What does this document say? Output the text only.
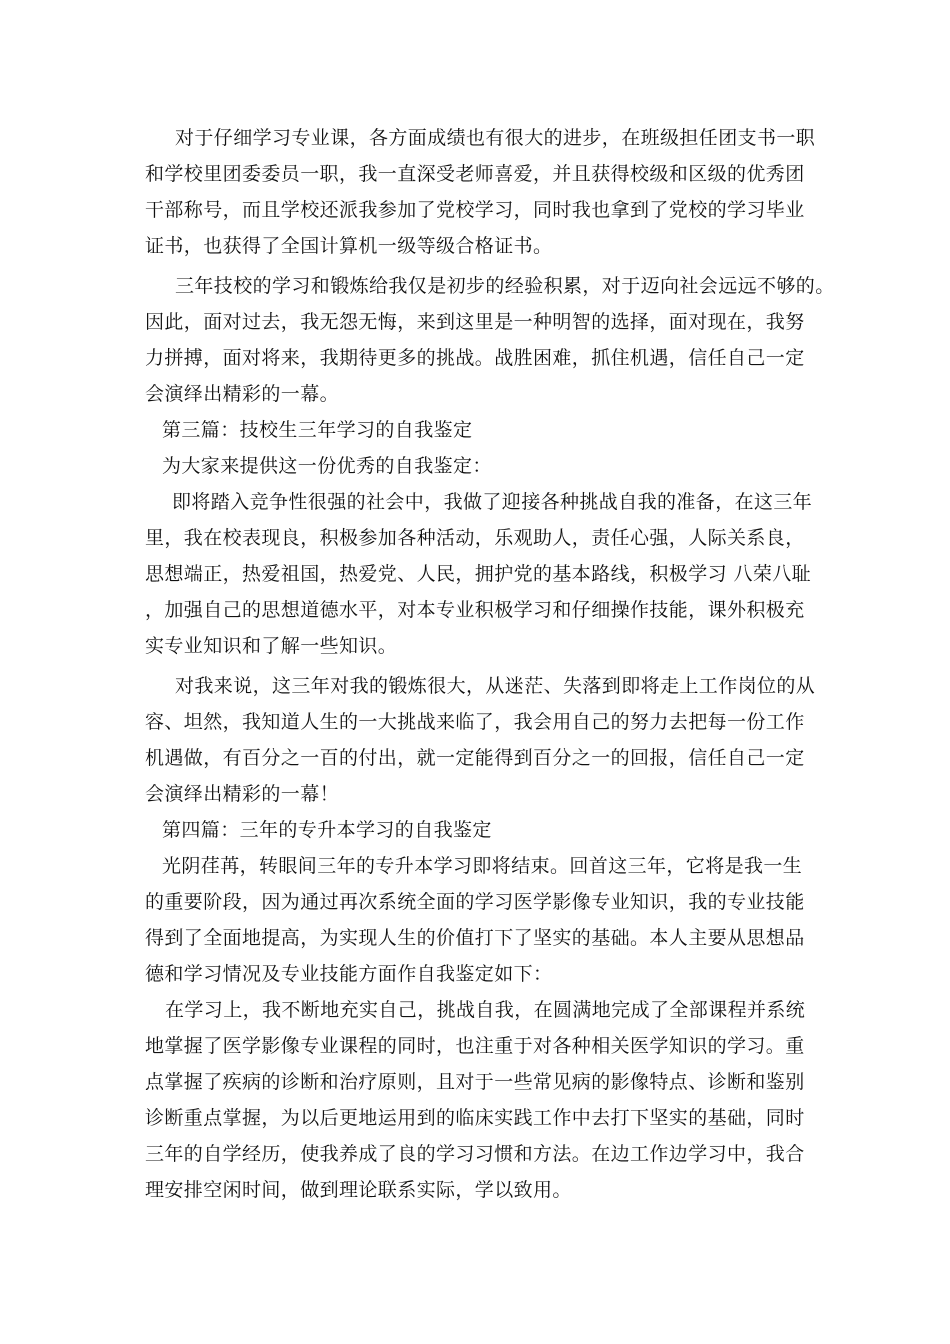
对于仔细学习专业课，各方面成绩也有很大的进步，在班级担任团支书一职
和学校里团委委员一职，我一直深受老师喜爱，并且获得校级和区级的优秀团
干部称号，而且学校还派我参加了党校学习，同时我也拿到了党校的学习毕业
证书，也获得了全国计算机一级等级合格证书。
三年技校的学习和锻炼给我仅是初步的经验积累，对于迈向社会远远不够的。
因此，面对过去，我无怨无悔，来到这里是一种明智的选择，面对现在，我努
力拼搏，面对将来，我期待更多的挑战。战胜困难，抓住机遇，信任自己一定
会演绎出精彩的一幕。
第三篇：技校生三年学习的自我鉴定
为大家来提供这一份优秀的自我鉴定：
即将踏入竞争性很强的社会中，我做了迎接各种挑战自我的准备，在这三年
里，我在校表现良，积极参加各种活动，乐观助人，责任心强，人际关系良，
思想端正，热爱祖国，热爱党、人民，拥护党的基本路线，积极学习 八荣八耻
，加强自己的思想道德水平，对本专业积极学习和仔细操作技能，课外积极充
实专业知识和了解一些知识。
对我来说，这三年对我的锻炼很大，从迷茫、失落到即将走上工作岗位的从
容、坦然，我知道人生的一大挑战来临了，我会用自己的努力去把每一份工作
机遇做，有百分之一百的付出，就一定能得到百分之一的回报，信任自己一定
会演绎出精彩的一幕！
第四篇：三年的专升本学习的自我鉴定
光阴荏苒，转眼间三年的专升本学习即将结束。回首这三年，它将是我一生
的重要阶段，因为通过再次系统全面的学习医学影像专业知识，我的专业技能
得到了全面地提高，为实现人生的价值打下了坚实的基础。本人主要从思想品
德和学习情况及专业技能方面作自我鉴定如下：
在学习上，我不断地充实自己，挑战自我，在圆满地完成了全部课程并系统
地掌握了医学影像专业课程的同时，也注重于对各种相关医学知识的学习。重
点掌握了疾病的诊断和治疗原则，且对于一些常见病的影像特点、诊断和鉴别
诊断重点掌握，为以后更地运用到的临床实践工作中去打下坚实的基础，同时
三年的自学经历，使我养成了良的学习习惯和方法。在边工作边学习中，我合
理安排空闲时间，做到理论联系实际，学以致用。
